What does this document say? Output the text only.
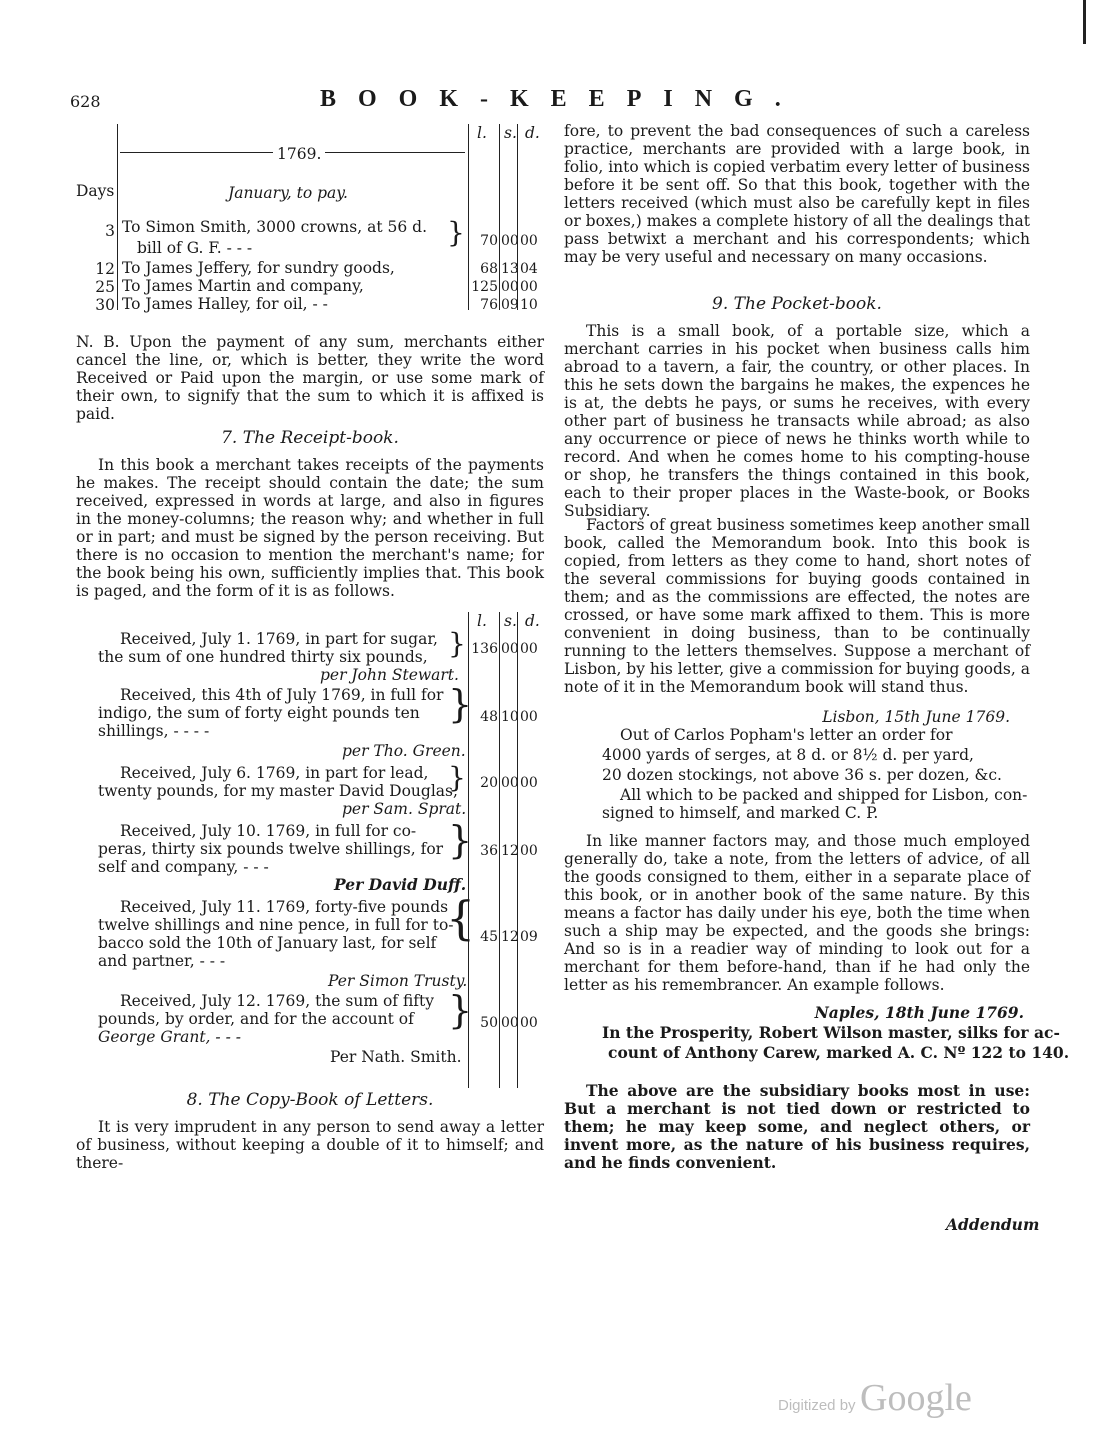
628	BOOK-KEEPING.
l. s. d.
1769.
Days	January, to pay.
3 To Simon Smith, 3000 crowns, at 56 d.
bill of G. F. - - -	}	70 00 00
12 To James Jeffery, for sundry goods,	68 13 04
25 To James Martin and company,	125 00 00
30 To James Halley, for oil, - -	76 09 10
N. B. Upon the payment of any sum, merchants either cancel the line, or, which is better, they write the word Received or Paid upon the margin, or use some mark of their own, to signify that the sum to which it is affixed is paid.
7. The Receipt-book.
In this book a merchant takes receipts of the payments he makes. The receipt should contain the date; the sum received, expressed in words at large, and also in figures in the money-columns; the reason why; and whether in full or in part; and must be signed by the person receiving. But there is no occasion to mention the merchant's name; for the book being his own, sufficiently implies that. This book is paged, and the form of it is as follows.
l. s. d.
Received, July 1. 1769, in part for sugar,
the sum of one hundred thirty six pounds,
per John Stewart.
} 136 00 00
Received, this 4th of July 1769, in full for
indigo, the sum of forty eight pounds ten
shillings, - - - -
per Tho. Green.
} 48 10 00
Received, July 6. 1769, in part for lead,
twenty pounds, for my master David Douglas,
per Sam. Sprat.
}	20 00 00
Received, July 10. 1769, in full for co-
peras, thirty six pounds twelve shillings, for
self and company, - - -
Per David Duff.
} 36 12 00
Received, July 11. 1769, forty-five pounds
twelve shillings and nine pence, in full for to-
bacco sold the 10th of January last, for self
and partner, - - -
Per Simon Trusty.
{ 45 12 09
Received, July 12. 1769, the sum of fifty
pounds, by order, and for the account of
George Grant, - - -
Per Nath. Smith.
} 50 00 00
8. The Copy-Book of Letters.
It is very imprudent in any person to send away a letter of business, without keeping a double of it to himself; and there-
fore, to prevent the bad consequences of such a careless practice, merchants are provided with a large book, in folio, into which is copied verbatim every letter of business before it be sent off. So that this book, together with the letters received (which must also be carefully kept in files or boxes,) makes a complete history of all the dealings that pass betwixt a merchant and his correspondents; which may be very useful and necessary on many occasions.
9. The Pocket-book.
This is a small book, of a portable size, which a merchant carries in his pocket when business calls him abroad to a tavern, a fair, the country, or other places. In this he sets down the bargains he makes, the expences he is at, the debts he pays, or sums he receives, with every other part of business he transacts while abroad; as also any occurrence or piece of news he thinks worth while to record. And when he comes home to his compting-house or shop, he transfers the things contained in this book, each to their proper places in the Waste-book, or Books Subsidiary.
Factors of great business sometimes keep another small book, called the Memorandum book. Into this book is copied, from letters as they come to hand, short notes of the several commissions for buying goods contained in them; and as the commissions are effected, the notes are crossed, or have some mark affixed to them. This is more convenient in doing business, than to be continually running to the letters themselves. Suppose a merchant of Lisbon, by his letter, give a commission for buying goods, a note of it in the Memorandum book will stand thus.
Lisbon, 15th June 1769.
Out of Carlos Popham's letter an order for
4000 yards of serges, at 8 d. or 8½ d. per yard,
20 dozen stockings, not above 36 s. per dozen, &c.
All which to be packed and shipped for Lisbon, con-
signed to himself, and marked C. P.
In like manner factors may, and those much employed generally do, take a note, from the letters of advice, of all the goods consigned to them, either in a separate place of this book, or in another book of the same nature. By this means a factor has daily under his eye, both the time when such a ship may be expected, and the goods she brings: And so is in a readier way of minding to look out for a merchant for them before-hand, than if he had only the letter as his remembrancer. An example follows.
Naples, 18th June 1769.
In the Prosperity, Robert Wilson master, silks for ac-
count of Anthony Carew, marked A. C. Nº 122 to 140.
The above are the subsidiary books most in use: But a merchant is not tied down or restricted to them; he may keep some, and neglect others, or invent more, as the nature of his business requires, and he finds convenient.
Addendum
Digitized by Google
